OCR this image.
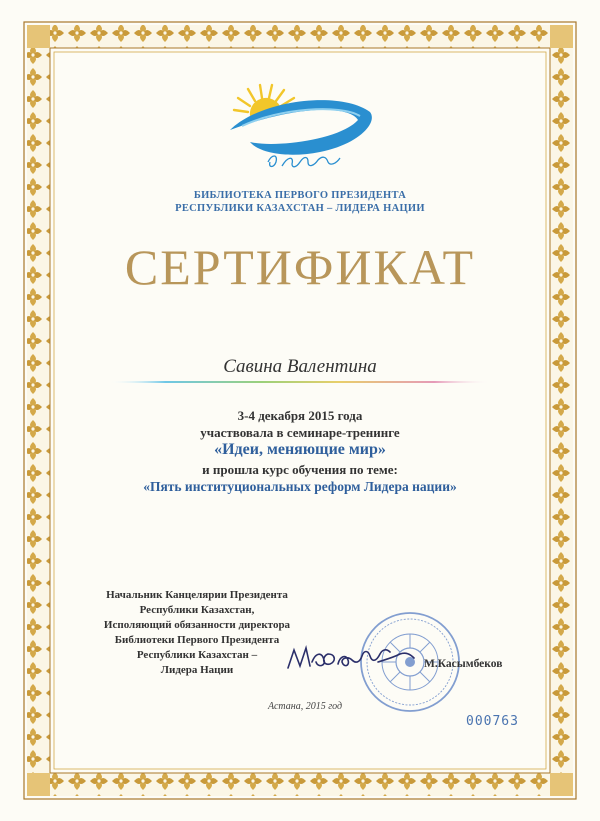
БИБЛИОТЕКА ПЕРВОГО ПРЕЗИДЕНТА
РЕСПУБЛИКИ КАЗАХСТАН – ЛИДЕРА НАЦИИ
СЕРТИФИКАТ
Савина Валентина
3-4 декабря 2015 года
участвовала в семинаре-тренинге
«Идеи, меняющие мир»
и прошла курс обучения по теме:
«Пять институциональных реформ Лидера нации»
Начальник Канцелярии Президента
Республики Казахстан,
Исполяющий обязанности директора
Библиотеки Первого Президента
Республики Казахстан –
Лидера Нации	М.Касымбеков
Астана, 2015 год
000763
